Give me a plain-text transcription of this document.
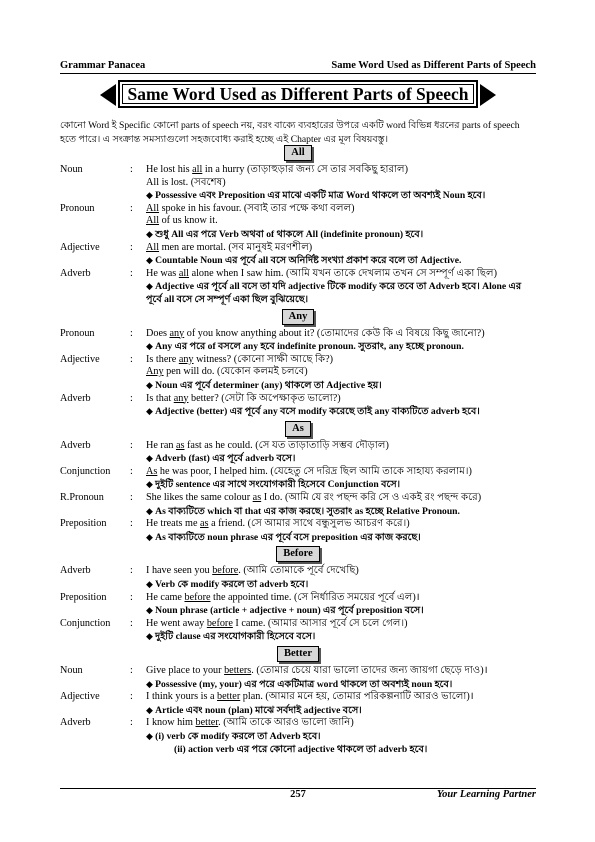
Grammar Panacea	Same Word Used as Different Parts of Speech
Same Word Used as Different Parts of Speech
কোনো Word ই Specific কোনো parts of speech নয়, বরং বাক্যে ব্যবহারের উপরে একটি word বিভিন্ন ধরনের parts of speech হতে পারে। এ সংক্রান্ত সমস্যাগুলো সহজবোধ্য করাই হচ্ছে এই Chapter এর মূল বিষয়বস্তু।
All
Noun	:	He lost his all in a hurry (তাড়াহুড়ার জন্য সে তার সবকিছু হারাল)
All is lost. (সবশেষ)
◆ Possessive এবং Preposition এর মাঝে একটি মাত্র Word থাকলে তা অবশ্যই Noun হবে।
Pronoun	:	All spoke in his favour. (সবাই তার পক্ষে কথা বলল)
All of us know it.
◆ শুধু All এর পরে Verb অথবা of থাকলে All (indefinite pronoun) হবে।
Adjective	:	All men are mortal. (সব মানুষই মরণশীল)
◆ Countable Noun এর পূর্বে all বসে অনির্দিষ্ট সংখ্যা প্রকাশ করে বলে তা Adjective.
Adverb	:	He was all alone when I saw him. (আমি যখন তাকে দেখলাম তখন সে সম্পূর্ণ একা ছিল)
◆ Adjective এর পূর্বে all বসে তা যদি adjective টিকে modify করে তবে তা Adverb হবে। Alone এর পূর্বে all বসে সে সম্পূর্ণ একা ছিল বুঝিয়েছে।
Any
Pronoun	:	Does any of you know anything about it? (তোমাদের কেউ কি এ বিষয়ে কিছু জানো?)
◆ Any এর পরে of বসলে any হবে indefinite pronoun. সুতরাং, any হচ্ছে pronoun.
Adjective	:	Is there any witness? (কোনো সাক্ষী আছে কি?)
Any pen will do. (যেকোন কলমই চলবে)
◆ Noun এর পূর্বে determiner (any) থাকলে তা Adjective হয়।
Adverb	:	Is that any better? (সেটা কি অপেক্ষাকৃত ভালো?)
◆ Adjective (better) এর পূর্বে any বসে modify করেছে তাই any বাক্যটিতে adverb হবে।
As
Adverb	:	He ran as fast as he could. (সে যত তাড়াতাড়ি সম্ভব দৌড়াল)
◆ Adverb (fast) এর পূর্বে adverb বসে।
Conjunction	:	As he was poor, I helped him. (যেহেতু সে দরিদ্র ছিল আমি তাকে সাহায্য করলাম।)
◆ দুইটি sentence এর সাথে সংযোগকারী হিসেবে Conjunction বসে।
R.Pronoun	:	She likes the same colour as I do. (আমি যে রং পছন্দ করি সে ও একই রং পছন্দ করে)
◆ As বাক্যটিতে which বা that এর কাজ করছে। সুতরাং as হচ্ছে Relative Pronoun.
Preposition	:	He treats me as a friend. (সে আমার সাথে বন্ধুসুলভ আচরণ করে।)
◆ As বাক্যটিতে noun phrase এর পূর্বে বসে preposition এর কাজ করছে।
Before
Adverb	:	I have seen you before. (আমি তোমাকে পূর্বে দেখেছি)
◆ Verb কে modify করলে তা adverb হবে।
Preposition	:	He came before the appointed time. (সে নির্ধারিত সময়ের পূর্বে এল)।
◆ Noun phrase (article + adjective + noun) এর পূর্বে preposition বসে।
Conjunction	:	He went away before I came. (আমার আসার পূর্বে সে চলে গেল।)
◆ দুইটি clause এর সংযোগকারী হিসেবে বসে।
Better
Noun	:	Give place to your betters. (তোমার চেয়ে যারা ভালো তাদের জন্য জায়গা ছেড়ে দাও)।
◆ Possessive (my, your) এর পরে একটিমাত্র word থাকলে তা অবশ্যই noun হবে।
Adjective	:	I think yours is a better plan. (আমার মনে হয়, তোমার পরিকল্পনাটি আরও ভালো)।
◆ Article এবং noun (plan) মাঝে সর্বদাই adjective বসে।
Adverb	:	I know him better. (আমি তাকে আরও ভালো জানি)
◆ (i) verb কে modify করলে তা Adverb হবে।
(ii) action verb এর পরে কোনো adjective থাকলে তা adverb হবে।
257	Your Learning Partner
